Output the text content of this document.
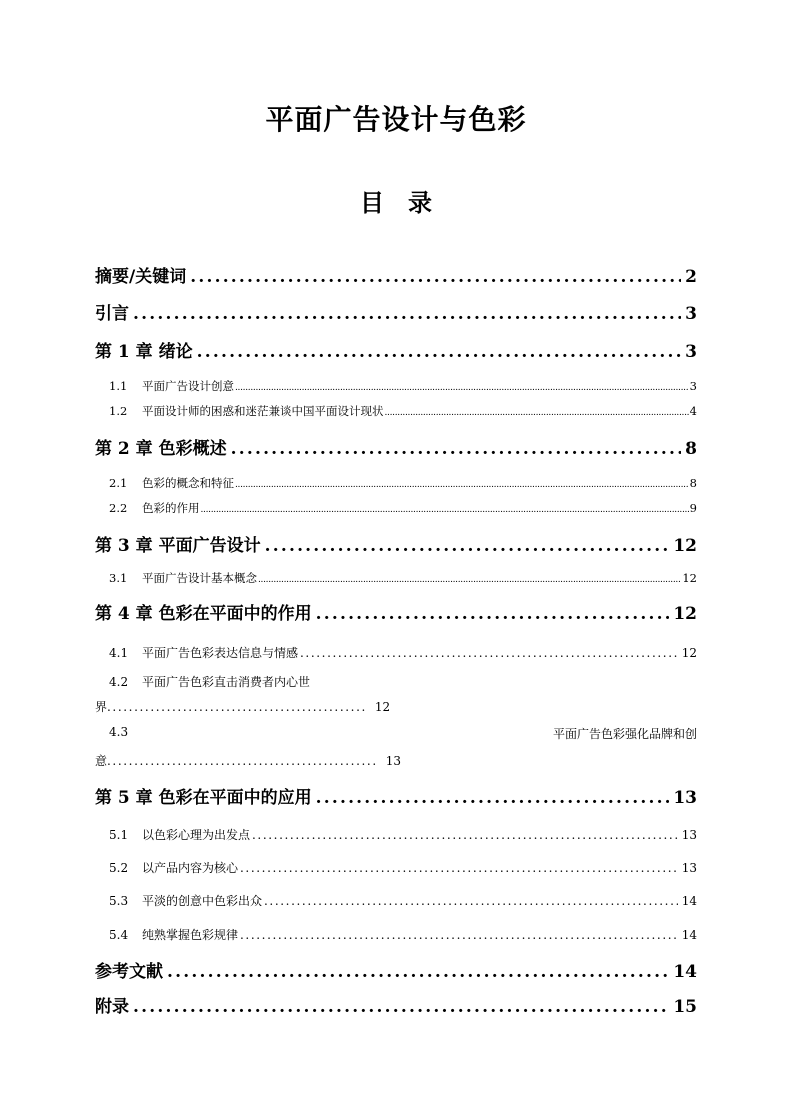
平面广告设计与色彩
目　录
摘要/关键词 .....	2
引言 .....	3
第 1 章 绪论 .....	3
1.1 平面广告设计创意 .....	3
1.2 平面设计师的困惑和迷茫兼谈中国平面设计现状 .....	4
第 2 章 色彩概述 .....	8
2.1 色彩的概念和特征 .....	8
2.2 色彩的作用 .....	9
第 3 章 平面广告设计 .....	12
3.1 平面广告设计基本概念 .....	12
第 4 章 色彩在平面中的作用 .....	12
4.1 平面广告色彩表达信息与情感 .....	12
4.2 平面广告色彩直击消费者内心世
界................................................ 12
4.3	平面广告色彩强化品牌和创
意.................................................. 13
第 5 章 色彩在平面中的应用 .....	13
5.1 以色彩心理为出发点 .....	13
5.2 以产品内容为核心 .....	13
5.3 平淡的创意中色彩出众 .....	14
5.4 纯熟掌握色彩规律 .....	14
参考文献 .....	14
附录 .....	15
